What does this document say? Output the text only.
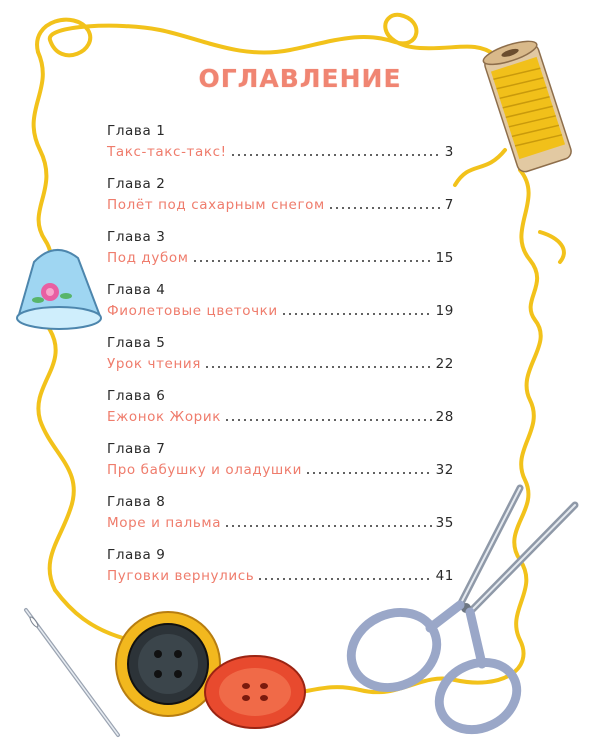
ОГЛАВЛЕНИЕ
Глава 1
Такс-такс-такс!	3
Глава 2
Полёт под сахарным снегом	7
Глава 3
Под дубом	15
Глава 4
Фиолетовые цветочки	19
Глава 5
Урок чтения	22
Глава 6
Ежонок Жорик	28
Глава 7
Про бабушку и оладушки	32
Глава 8
Море и пальма	35
Глава 9
Пуговки вернулись	41
